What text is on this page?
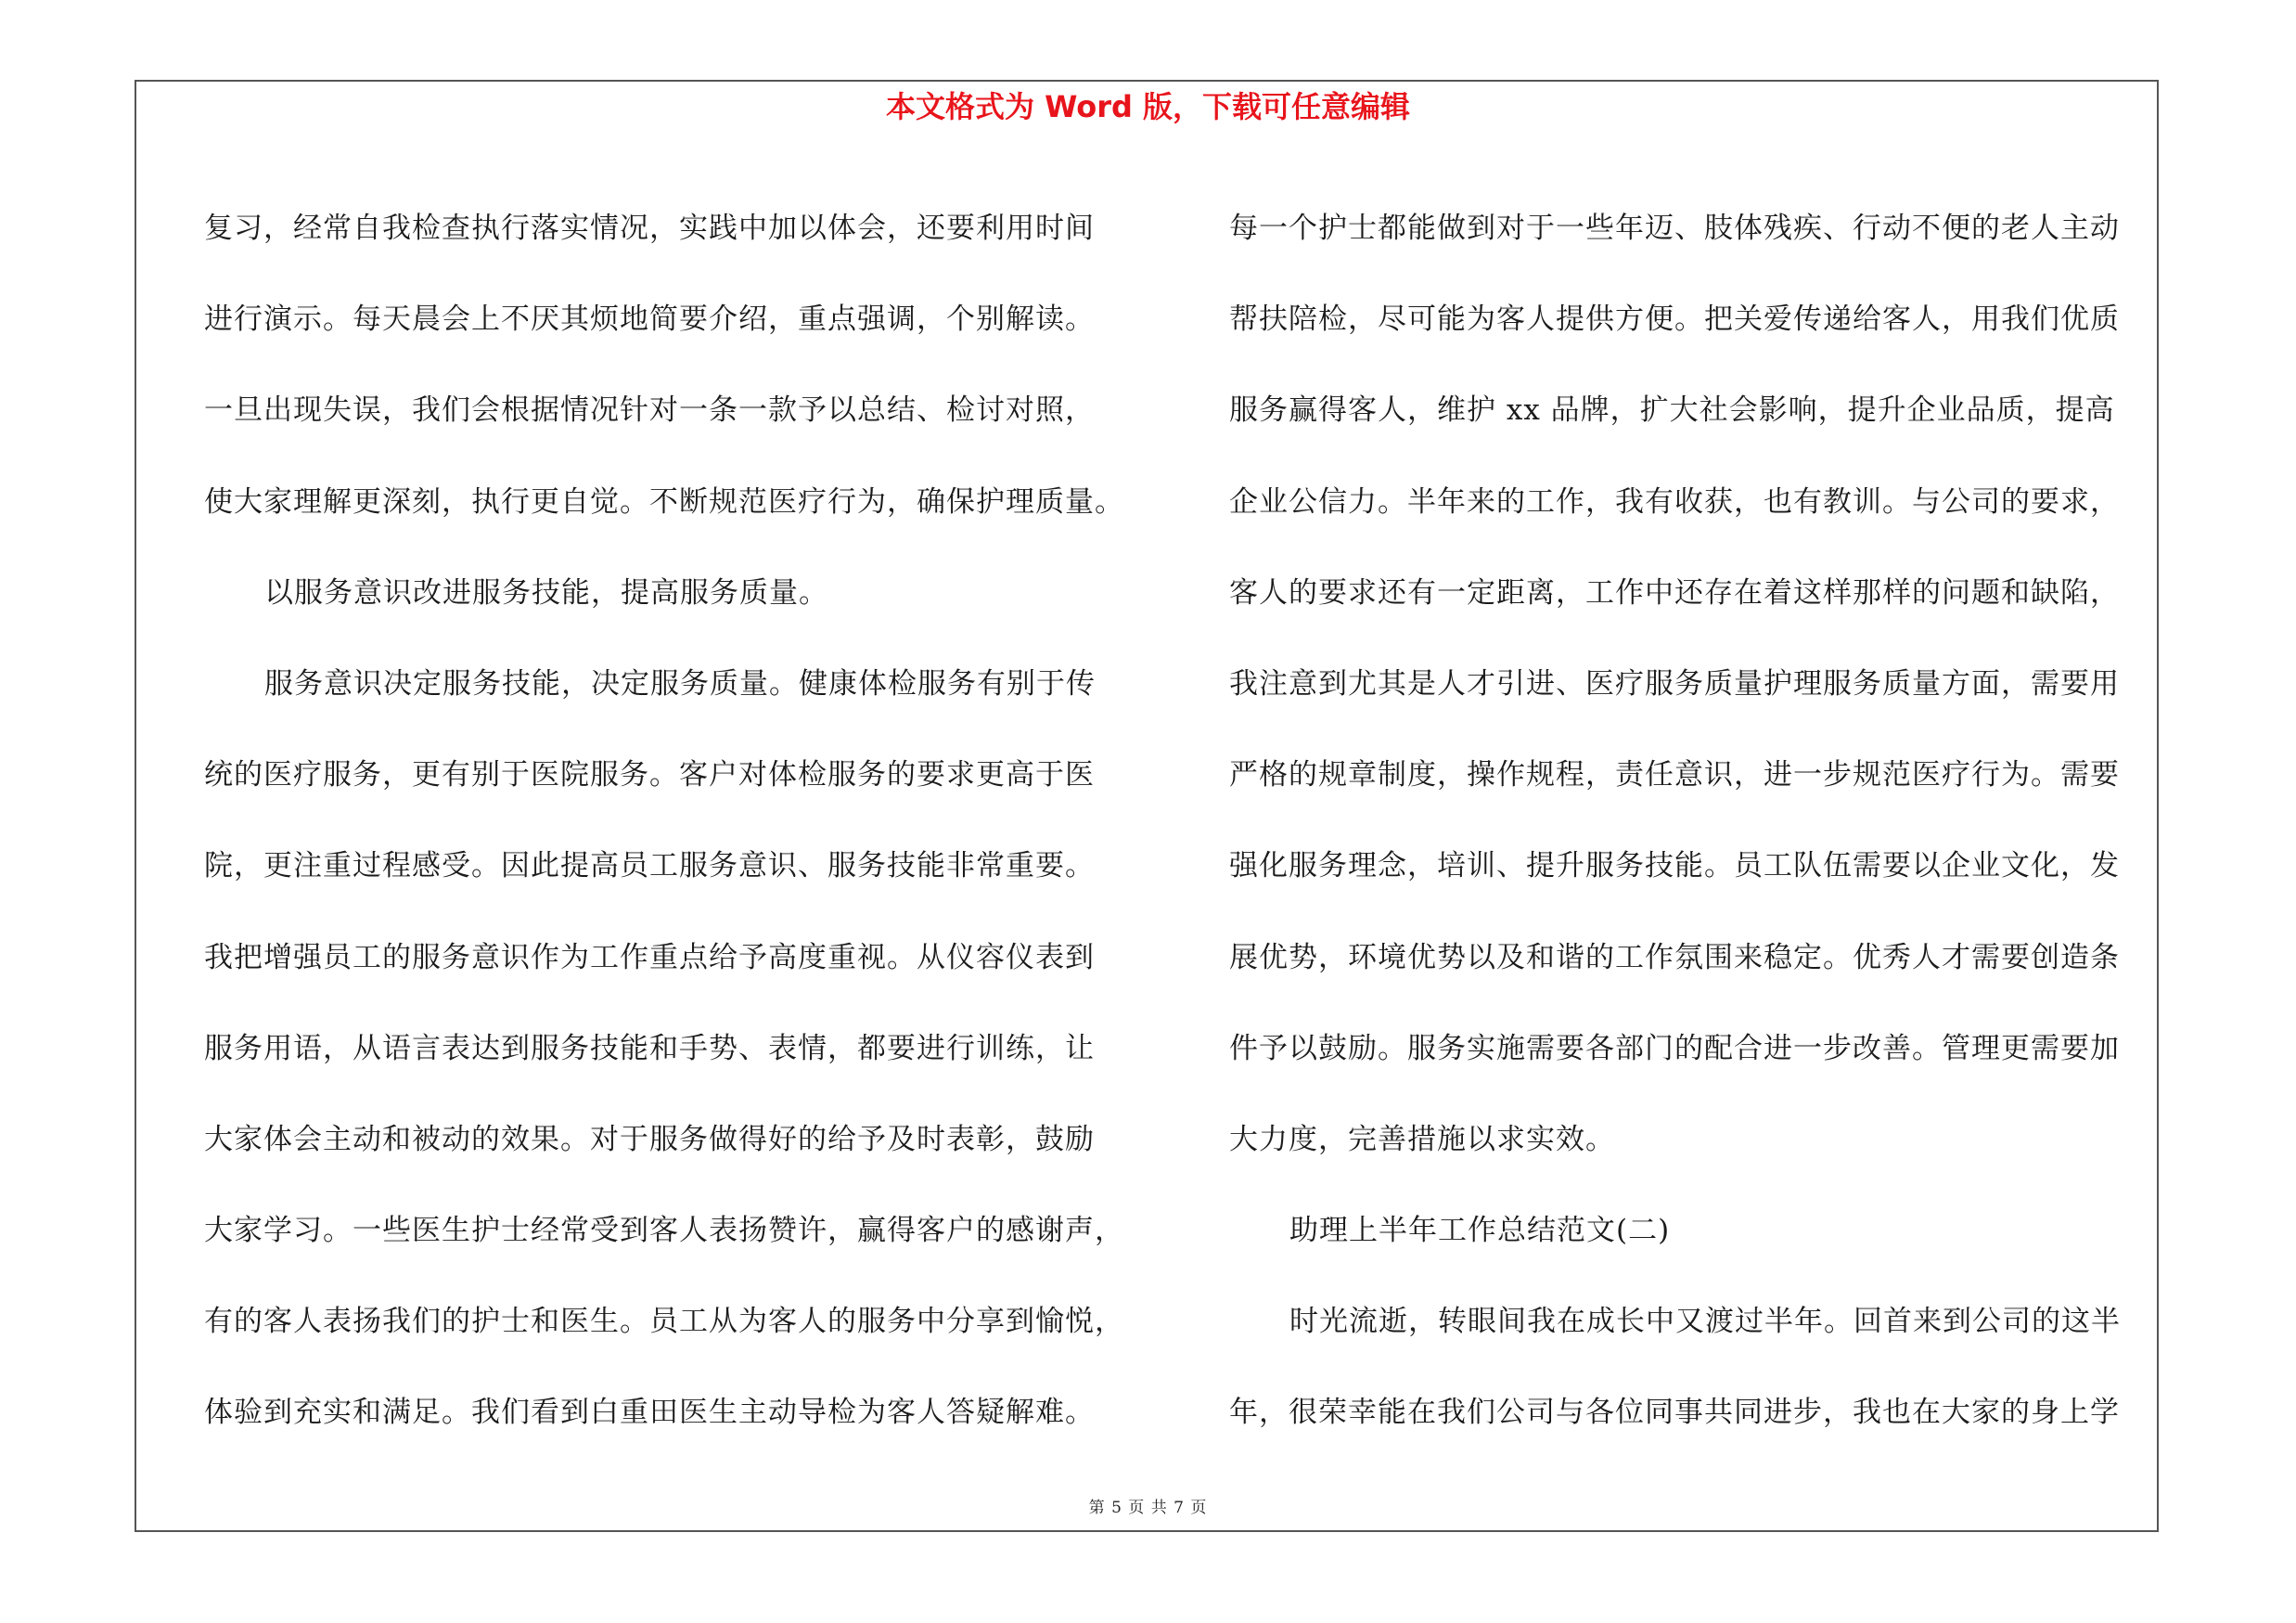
本文格式为 Word 版，下载可任意编辑
复习，经常自我检查执行落实情况，实践中加以体会，还要利用时间
进行演示。每天晨会上不厌其烦地简要介绍，重点强调，个别解读。
一旦出现失误，我们会根据情况针对一条一款予以总结、检讨对照，
使大家理解更深刻，执行更自觉。不断规范医疗行为，确保护理质量。
以服务意识改进服务技能，提高服务质量。
服务意识决定服务技能，决定服务质量。健康体检服务有别于传
统的医疗服务，更有别于医院服务。客户对体检服务的要求更高于医
院，更注重过程感受。因此提高员工服务意识、服务技能非常重要。
我把增强员工的服务意识作为工作重点给予高度重视。从仪容仪表到
服务用语，从语言表达到服务技能和手势、表情，都要进行训练，让
大家体会主动和被动的效果。对于服务做得好的给予及时表彰，鼓励
大家学习。一些医生护士经常受到客人表扬赞许，赢得客户的感谢声，
有的客人表扬我们的护士和医生。员工从为客人的服务中分享到愉悦，
体验到充实和满足。我们看到白重田医生主动导检为客人答疑解难。
每一个护士都能做到对于一些年迈、肢体残疾、行动不便的老人主动
帮扶陪检，尽可能为客人提供方便。把关爱传递给客人，用我们优质
服务赢得客人，维护 xx 品牌，扩大社会影响，提升企业品质，提高
企业公信力。半年来的工作，我有收获，也有教训。与公司的要求，
客人的要求还有一定距离，工作中还存在着这样那样的问题和缺陷，
我注意到尤其是人才引进、医疗服务质量护理服务质量方面，需要用
严格的规章制度，操作规程，责任意识，进一步规范医疗行为。需要
强化服务理念，培训、提升服务技能。员工队伍需要以企业文化，发
展优势，环境优势以及和谐的工作氛围来稳定。优秀人才需要创造条
件予以鼓励。服务实施需要各部门的配合进一步改善。管理更需要加
大力度，完善措施以求实效。
助理上半年工作总结范文(二)
时光流逝，转眼间我在成长中又渡过半年。回首来到公司的这半
年，很荣幸能在我们公司与各位同事共同进步，我也在大家的身上学
第 5 页 共 7 页
